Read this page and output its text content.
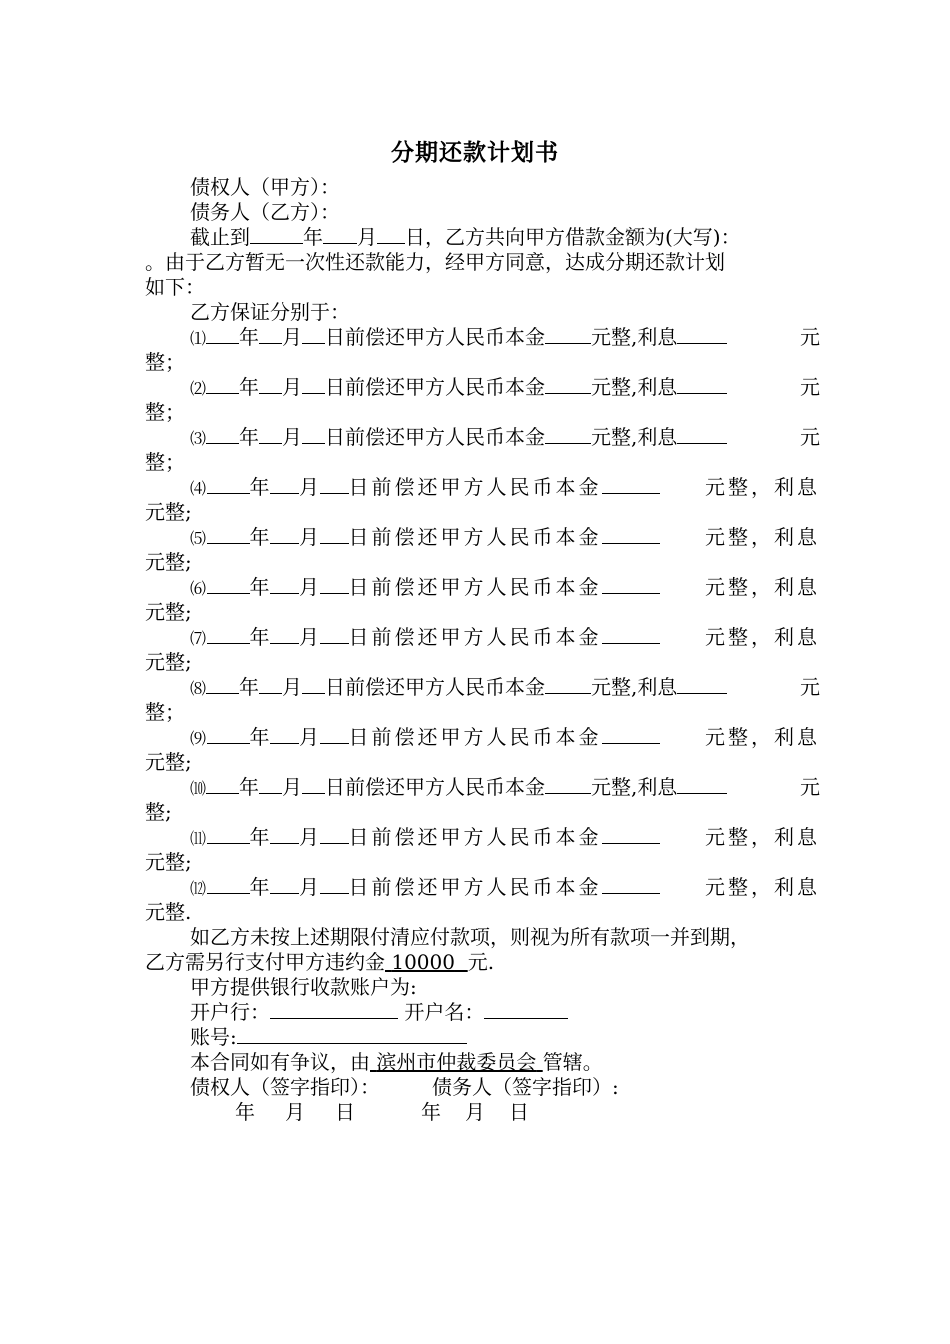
分期还款计划书
债权人（甲方）：
债务人（乙方）：
截止到	年 月 日，乙方共向甲方借款金额为(大写)：
。由于乙方暂无一次性还款能力，经甲方同意，达成分期还款计划
如下：
乙方保证分别于：
⑴ 年 月 日前偿还甲方人民币本金 元整,利息	元
整；
⑵ 年 月 日前偿还甲方人民币本金 元整,利息	元
整；
⑶ 年 月 日前偿还甲方人民币本金 元整,利息	元
整；
⑷ 年 月 日前偿还甲方人民币本金	元整，利息
元整;
⑸ 年 月 日前偿还甲方人民币本金	元整，利息
元整;
⑹ 年 月 日前偿还甲方人民币本金	元整，利息
元整;
⑺ 年 月 日前偿还甲方人民币本金	元整，利息
元整;
⑻ 年 月 日前偿还甲方人民币本金 元整,利息	元
整；
⑼ 年 月 日前偿还甲方人民币本金	元整，利息
元整;
⑽ 年 月 日前偿还甲方人民币本金 元整,利息	元
整;
⑾ 年 月 日前偿还甲方人民币本金	元整，利息
元整;
⑿ 年 月 日前偿还甲方人民币本金	元整，利息
元整.
如乙方未按上述期限付清应付款项，则视为所有款项一并到期，
乙方需另行支付甲方违约金 10000 元.
甲方提供银行收款账户为:
开户行：	开户名：
账号:
本合同如有争议，由 滨州市仲裁委员会 管辖。
债权人（签字指印）：	债务人（签字指印）:
年 月 日	年 月 日
